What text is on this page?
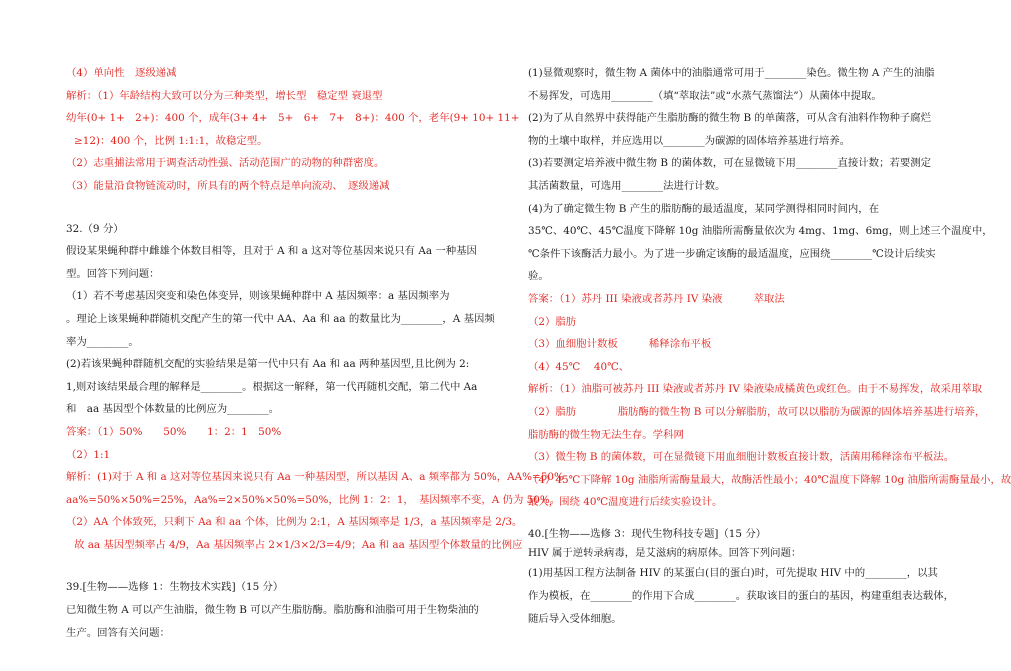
（4）单向性　逐级递减
解析：（1）年龄结构大致可以分为三种类型，增长型　稳定型 衰退型
幼年(0+ 1+　2+)：400 个，成年(3+ 4+　5+　6+　7+　8+)：400 个，老年(9+ 10+ 11+
≥12)：400 个，比例 1:1:1，故稳定型。
（2）志重捕法常用于调查活动性强、活动范围广的动物的种群密度。
（3）能量沿食物链流动时，所具有的两个特点是单向流动、　逐级递减
32.（9 分）
假设某果蝇种群中雌雄个体数目相等，且对于 A 和 a 这对等位基因来说只有 Aa 一种基因
型。回答下列问题：
（1）若不考虑基因突变和染色体变异，则该果蝇种群中 A 基因频率：a 基因频率为
。理论上该果蝇种群随机交配产生的第一代中 AA、Aa 和 aa 的数量比为________，A 基因频
率为________。
(2)若该果蝇种群随机交配的实验结果是第一代中只有 Aa 和 aa 两种基因型,且比例为 2:
1,则对该结果最合理的解释是________。根据这一解释，第一代再随机交配，第二代中 Aa
和　aa 基因型个体数量的比例应为________。
答案：（1）50%　　50%　　1：2：1　50%
（2）1:1
解析：(1)对于 A 和 a 这对等位基因来说只有 Aa 一种基因型，所以基因 A、a 频率都为 50%，AA%=50%
aa%=50%×50%=25%，Aa%=2×50%×50%=50%，比例 1：2：1，　基因频率不变，A 仍为 50%。
（2）AA 个体致死，只剩下 Aa 和 aa 个体，比例为 2:1，A 基因频率是 1/3，a 基因频率是 2/3。
故 aa 基因型频率占 4/9，Aa 基因频率占 2×1/3×2/3=4/9；Aa 和 aa 基因型个体数量的比例应
39.[生物——选修 1：生物技术实践]（15 分）
已知微生物 A 可以产生油脂，微生物 B 可以产生脂肪酶。脂肪酶和油脂可用于生物柴油的
生产。回答有关问题：
(1)显微观察时，微生物 A 菌体中的油脂通常可用于________染色。微生物 A 产生的油脂
不易挥发，可选用________（填“萃取法”或“水蒸气蒸馏法”）从菌体中提取。
(2)为了从自然界中获得能产生脂肪酶的微生物 B 的单菌落，可从含有油料作物种子腐烂
物的土壤中取样，并应选用以________为碳源的固体培养基进行培养。
(3)若要测定培养液中微生物 B 的菌体数，可在显微镜下用________直接计数；若要测定
其活菌数量，可选用________法进行计数。
(4)为了确定微生物 B 产生的脂肪酶的最适温度，某同学测得相同时间内，在
35℃、40℃、45℃温度下降解 10g 油脂所需酶量依次为 4mg、1mg、6mg，则上述三个温度中，
℃条件下该酶活力最小。为了进一步确定该酶的最适温度，应围绕________℃设计后续实
验。
答案：（1）苏丹 III 染液或者苏丹 IV 染液　　　萃取法
（2）脂肪
（3）血细胞计数板　　　稀释涂布平板
（4）45℃　 40℃、
解析：（1）油脂可被苏丹 III 染液或者苏丹 IV 染液染成橘黄色或红色。由于不易挥发，故采用萃取
（2）脂肪　　　　脂肪酶的微生物 B 可以分解脂肪，故可以以脂肪为碳源的固体培养基进行培养，
脂肪酶的微生物无法生存。学科网
（3）微生物 B 的菌体数，可在显微镜下用血细胞计数板直接计数，活菌用稀释涂布平板法。
（4）45℃下降解 10g 油脂所需酶量最大，故酶活性最小；40℃温度下降解 10g 油脂所需酶量最小，故
最大，围绕 40℃温度进行后续实验设计。
40.[生物——选修 3：现代生物科技专题]（15 分）
HIV 属于逆转录病毒，是艾滋病的病原体。回答下列问题：
(1)用基因工程方法制备 HIV 的某蛋白(目的蛋白)时，可先提取 HIV 中的________，以其
作为模板，在________的作用下合成________。获取该目的蛋白的基因，构建重组表达载体，
随后导入受体细胞。
